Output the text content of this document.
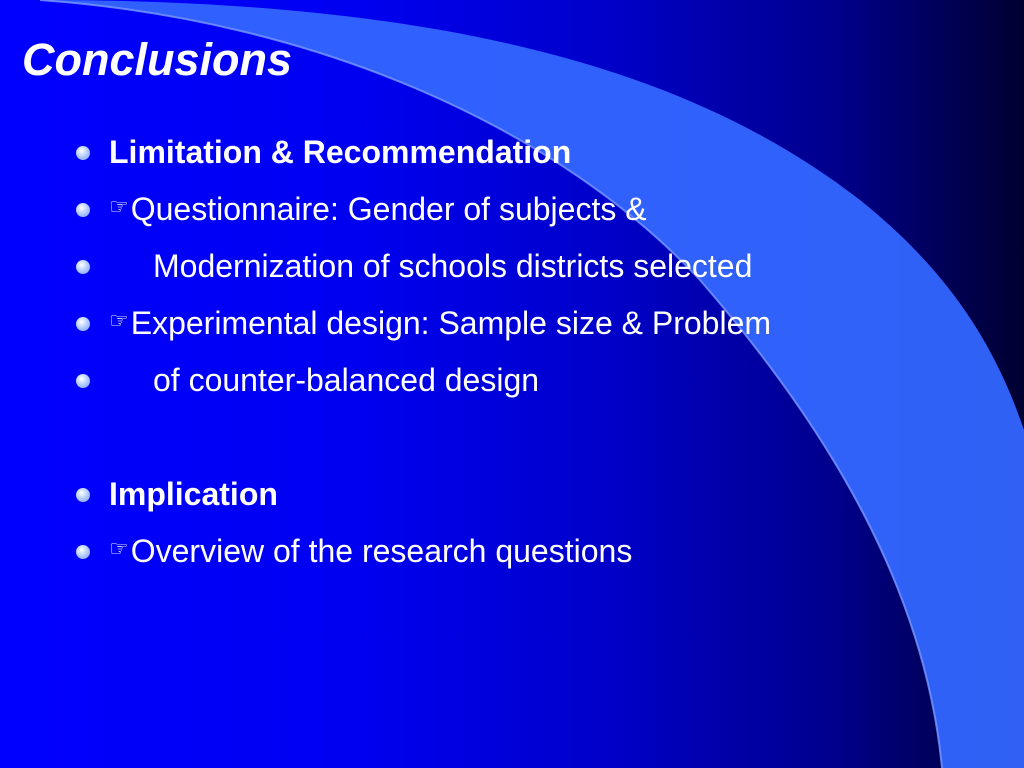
Conclusions
Limitation & Recommendation
☞Questionnaire: Gender of subjects &
Modernization of schools districts selected
☞Experimental design: Sample size & Problem
of counter-balanced design
Implication
☞Overview of the research questions
